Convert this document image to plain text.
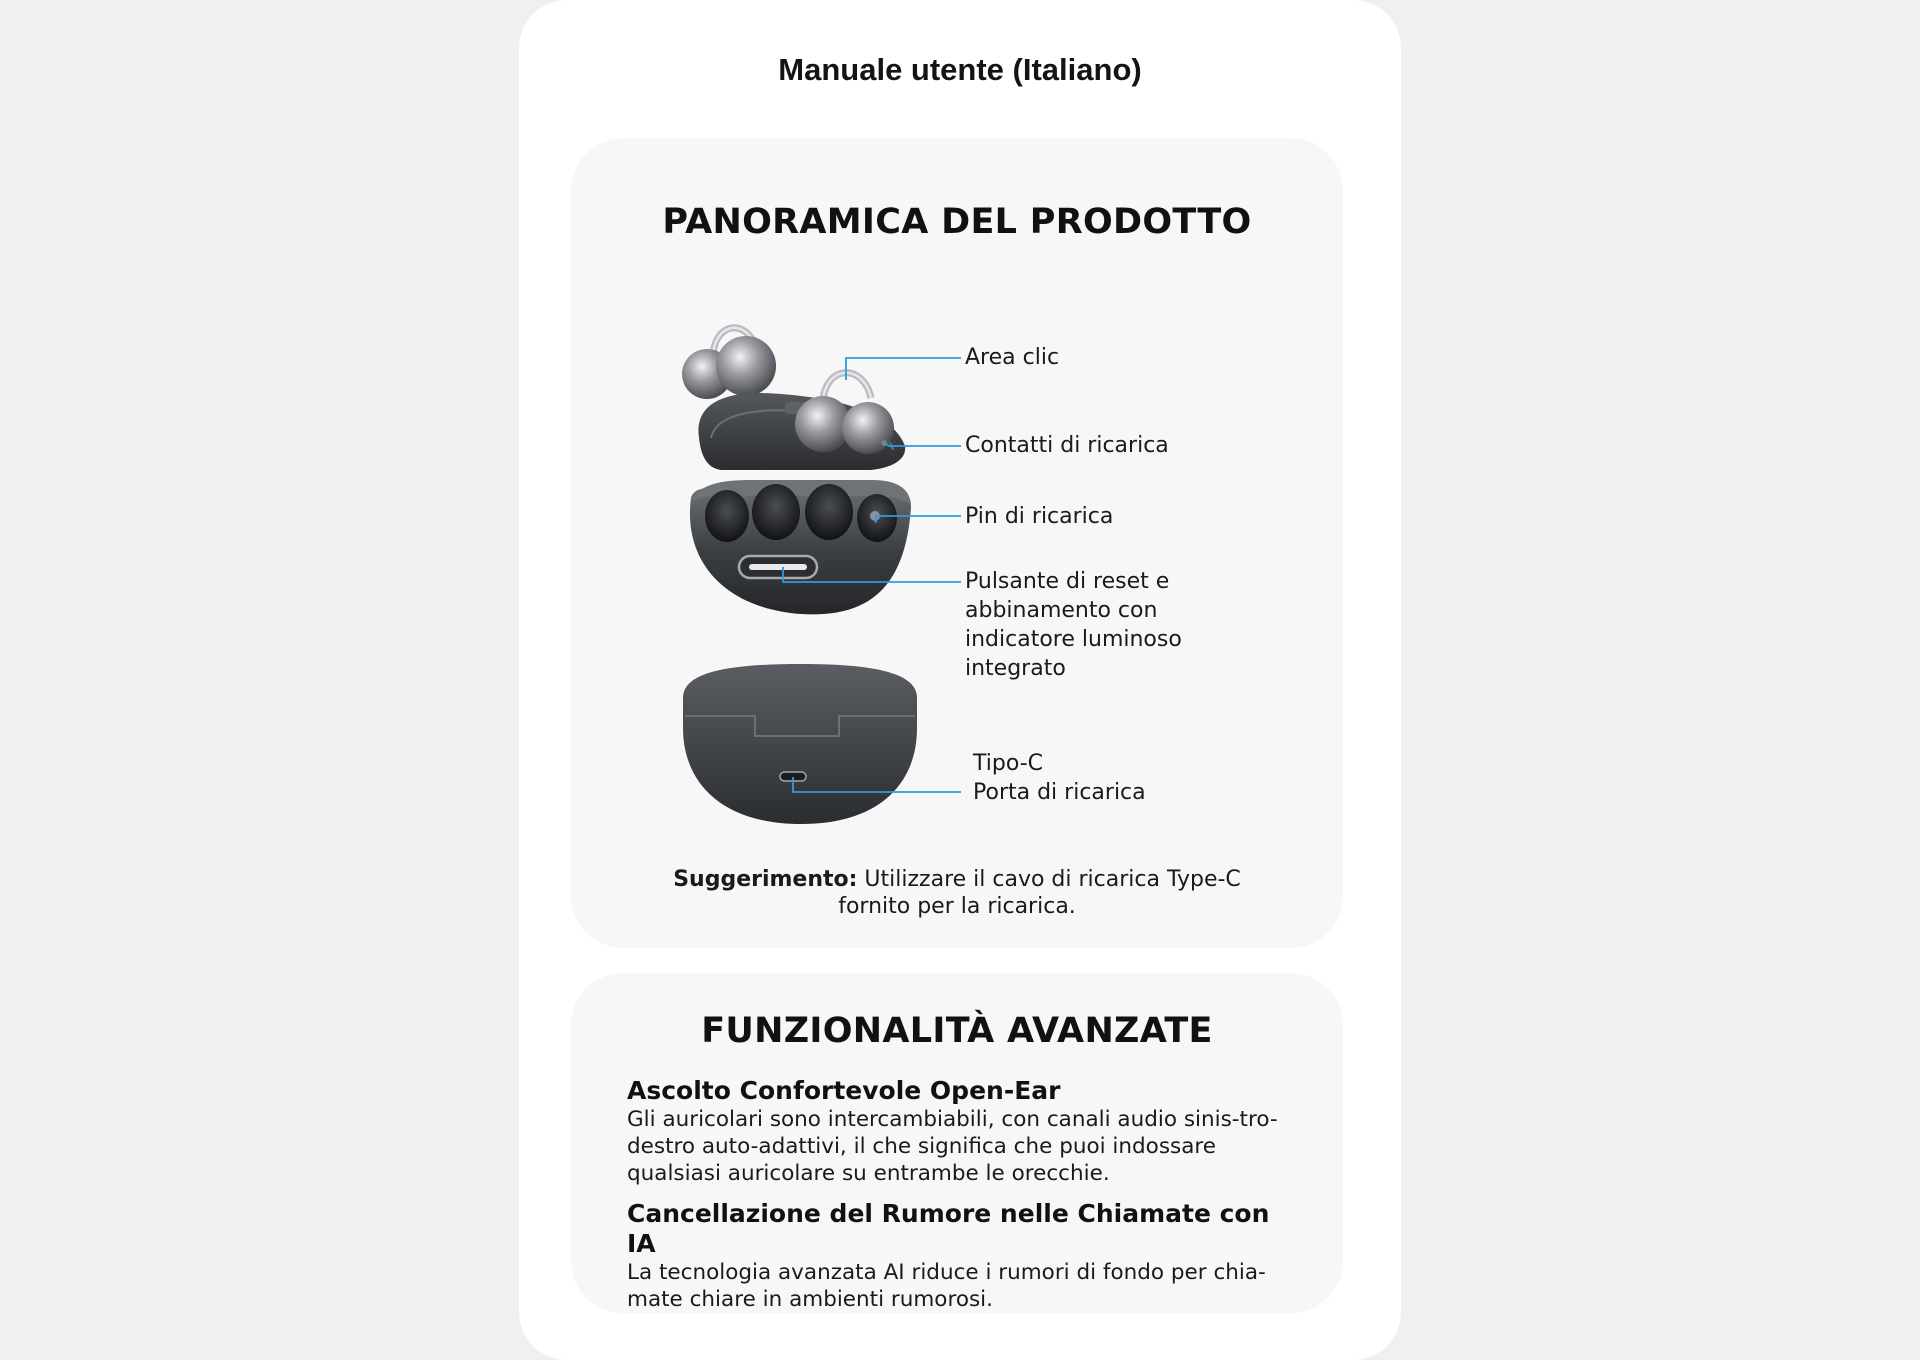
Manuale utente (Italiano)
PANORAMICA DEL PRODOTTO
Area clic
Contatti di ricarica
Pin di ricarica
Pulsante di reset e
abbinamento con
indicatore luminoso
integrato
Tipo-C
Porta di ricarica
Suggerimento: Utilizzare il cavo di ricarica Type-C fornito per la ricarica.
FUNZIONALITÀ AVANZATE
Ascolto Confortevole Open-Ear
Gli auricolari sono intercambiabili, con canali audio sinis-tro-destro auto-adattivi, il che significa che puoi indossare qualsiasi auricolare su entrambe le orecchie.
Cancellazione del Rumore nelle Chiamate con IA
La tecnologia avanzata AI riduce i rumori di fondo per chia-mate chiare in ambienti rumorosi.
